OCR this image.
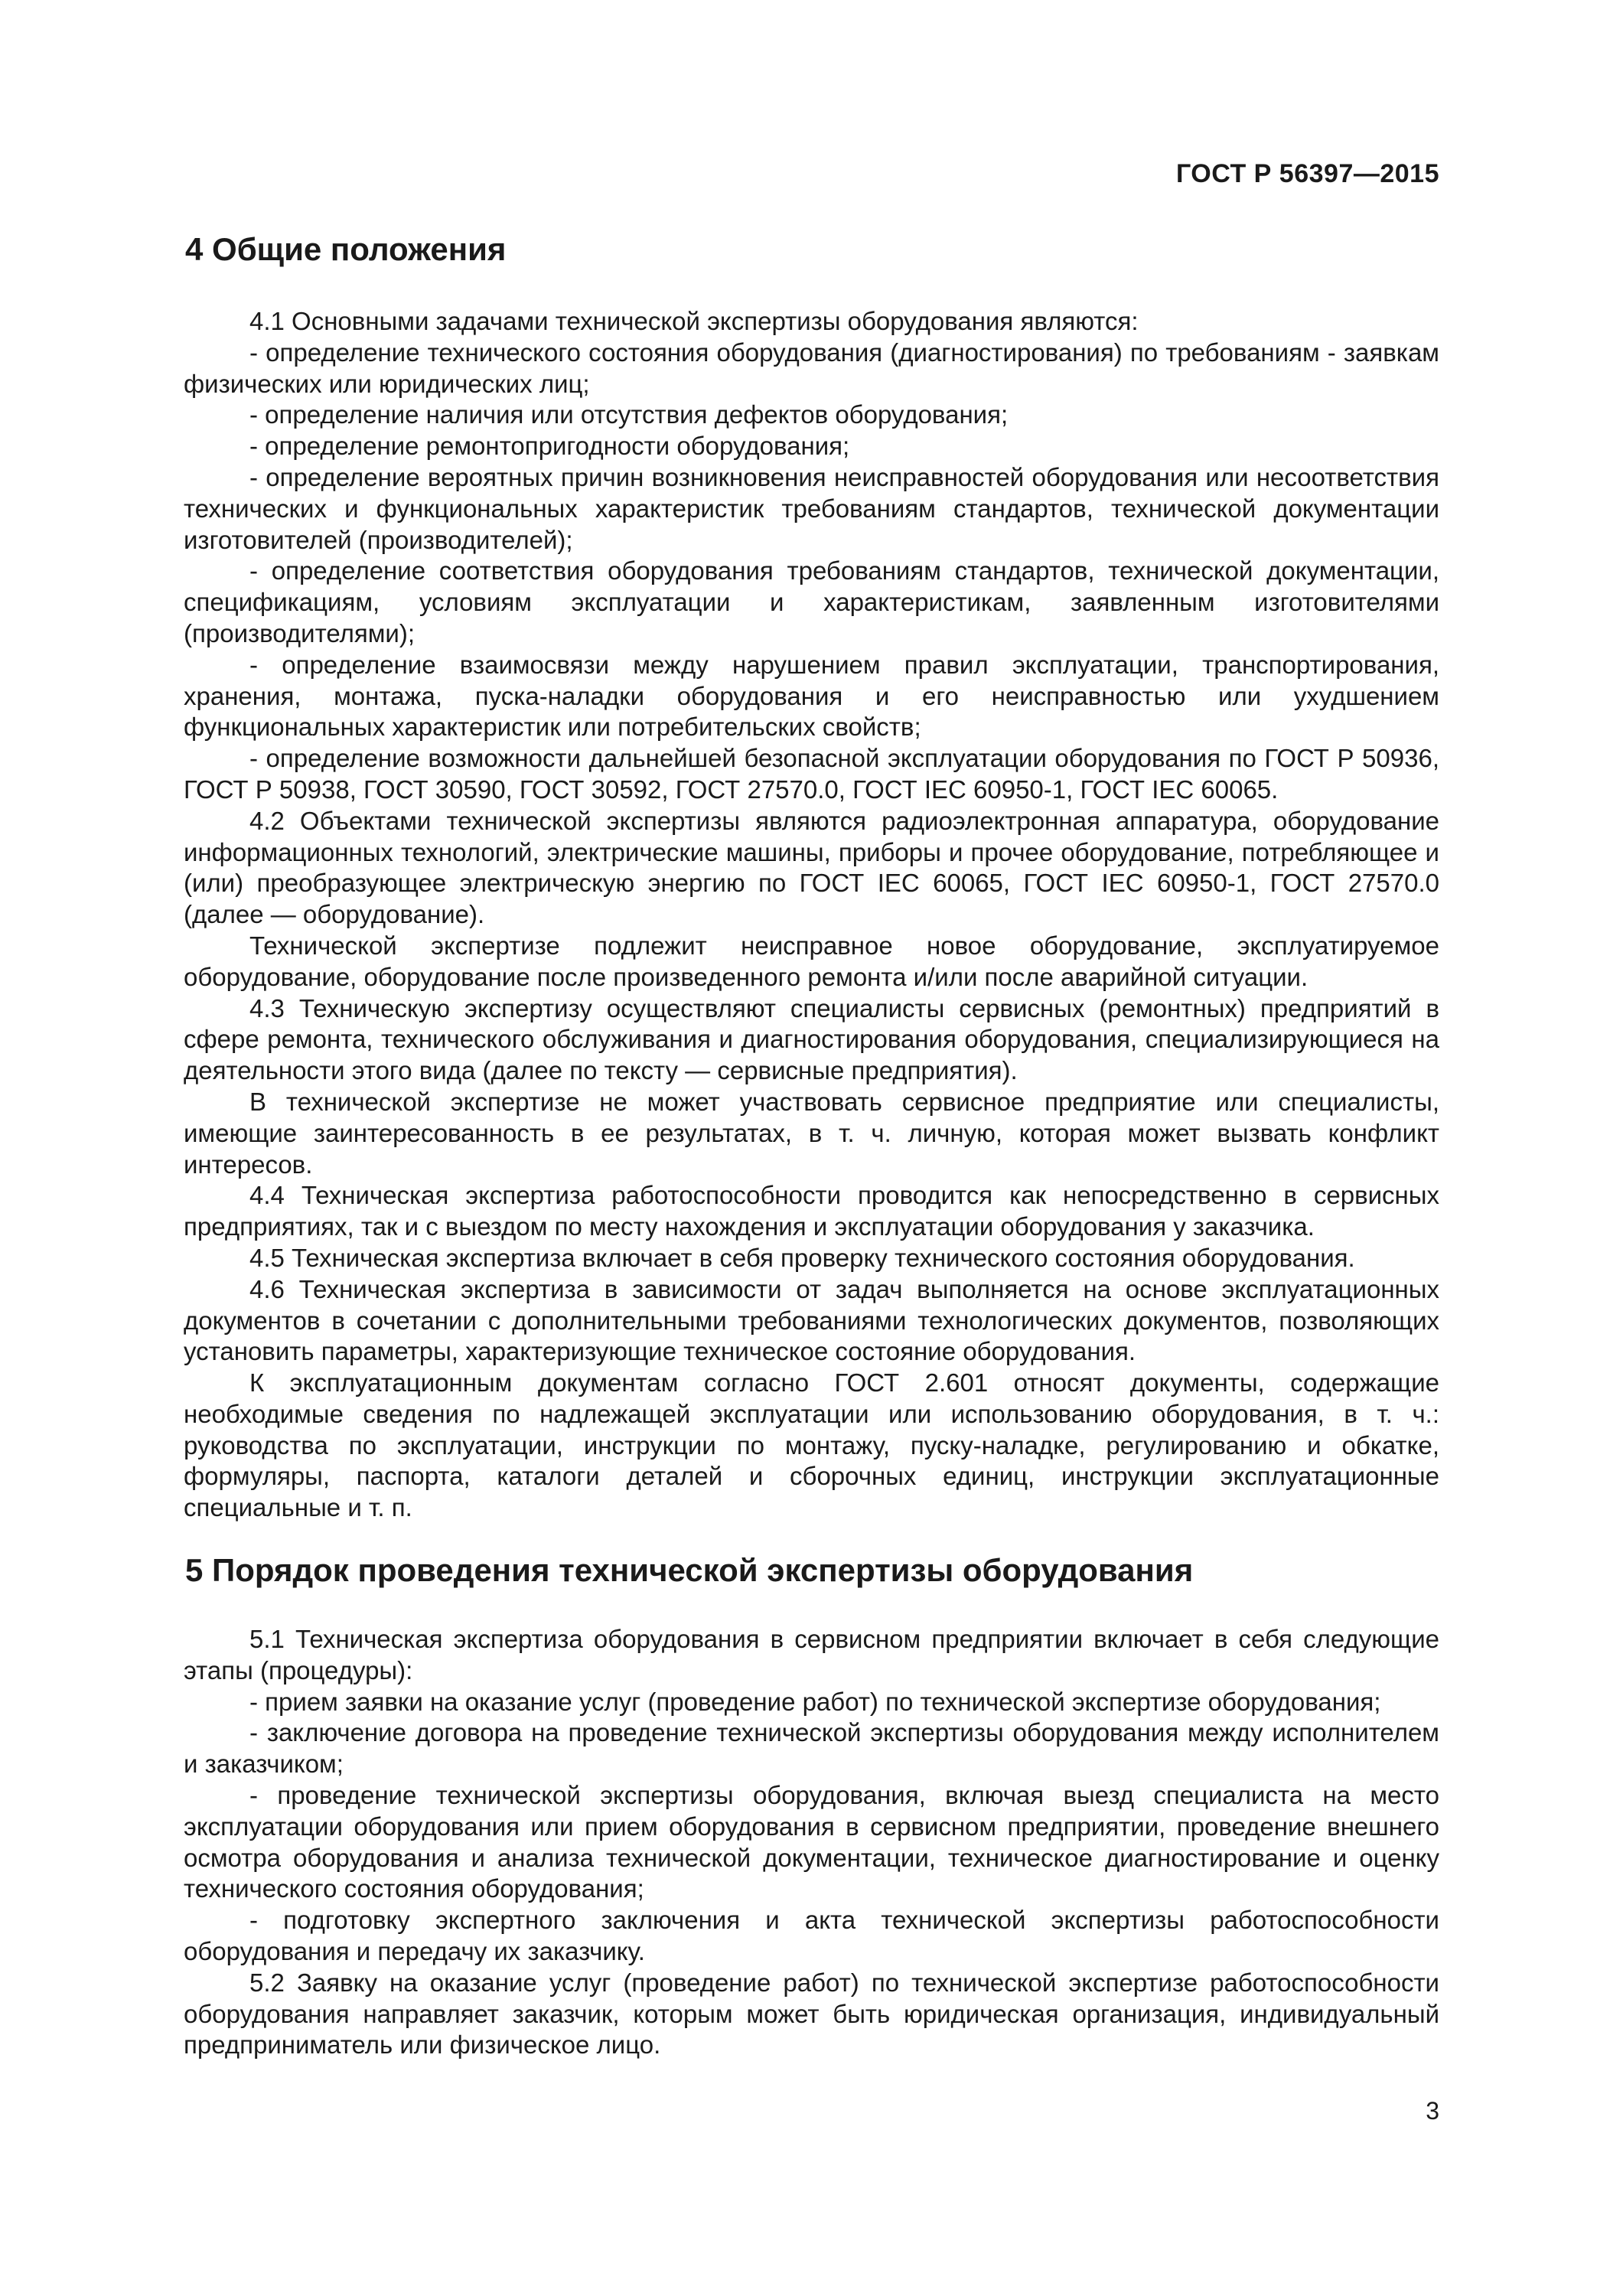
ГОСТ Р 56397—2015
4 Общие положения

4.1 Основными задачами технической экспертизы оборудования являются:

- определение технического состояния оборудования (диагностирования) по требованиям - заявкам физических или юридических лиц;

- определение наличия или отсутствия дефектов оборудования;

- определение ремонтопригодности оборудования;

- определение вероятных причин возникновения неисправностей оборудования или несоответствия технических и функциональных характеристик требованиям стандартов, технической документации изготовителей (производителей);

- определение соответствия оборудования требованиям стандартов, технической документации, спецификациям, условиям эксплуатации и характеристикам, заявленным изготовителями (производителями);

- определение взаимосвязи между нарушением правил эксплуатации, транспортирования, хранения, монтажа, пуска-наладки оборудования и его неисправностью или ухудшением функциональных характеристик или потребительских свойств;

- определение возможности дальнейшей безопасной эксплуатации оборудования по ГОСТ Р 50936, ГОСТ Р 50938, ГОСТ 30590, ГОСТ 30592, ГОСТ 27570.0, ГОСТ IEC 60950-1, ГОСТ IEC 60065.

4.2 Объектами технической экспертизы являются радиоэлектронная аппаратура, оборудование информационных технологий, электрические машины, приборы и прочее оборудование, потребляющее и (или) преобразующее электрическую энергию по ГОСТ IEC 60065, ГОСТ IEC 60950-1, ГОСТ 27570.0 (далее — оборудование).

Технической экспертизе подлежит неисправное новое оборудование, эксплуатируемое оборудование, оборудование после произведенного ремонта и/или после аварийной ситуации.

4.3 Техническую экспертизу осуществляют специалисты сервисных (ремонтных) предприятий в сфере ремонта, технического обслуживания и диагностирования оборудования, специализирующиеся на деятельности этого вида (далее по тексту — сервисные предприятия).

В технической экспертизе не может участвовать сервисное предприятие или специалисты, имеющие заинтересованность в ее результатах, в т. ч. личную, которая может вызвать конфликт интересов.

4.4 Техническая экспертиза работоспособности проводится как непосредственно в сервисных предприятиях, так и с выездом по месту нахождения и эксплуатации оборудования у заказчика.

4.5 Техническая экспертиза включает в себя проверку технического состояния оборудования.

4.6 Техническая экспертиза в зависимости от задач выполняется на основе эксплуатационных документов в сочетании с дополнительными требованиями технологических документов, позволяющих установить параметры, характеризующие техническое состояние оборудования.

К эксплуатационным документам согласно ГОСТ 2.601 относят документы, содержащие необходимые сведения по надлежащей эксплуатации или использованию оборудования, в т. ч.: руководства по эксплуатации, инструкции по монтажу, пуску-наладке, регулированию и обкатке, формуляры, паспорта, каталоги деталей и сборочных единиц, инструкции эксплуатационные специальные и т. п.

5 Порядок проведения технической экспертизы оборудования

5.1 Техническая экспертиза оборудования в сервисном предприятии включает в себя следующие этапы (процедуры):

- прием заявки на оказание услуг (проведение работ) по технической экспертизе оборудования;

- заключение договора на проведение технической экспертизы оборудования между исполнителем и заказчиком;

- проведение технической экспертизы оборудования, включая выезд специалиста на место эксплуатации оборудования или прием оборудования в сервисном предприятии, проведение внешнего осмотра оборудования и анализа технической документации, техническое диагностирование и оценку технического состояния оборудования;

- подготовку экспертного заключения и акта технической экспертизы работоспособности оборудования и передачу их заказчику.

5.2 Заявку на оказание услуг (проведение работ) по технической экспертизе работоспособности оборудования направляет заказчик, которым может быть юридическая организация, индивидуальный предприниматель или физическое лицо.

3
